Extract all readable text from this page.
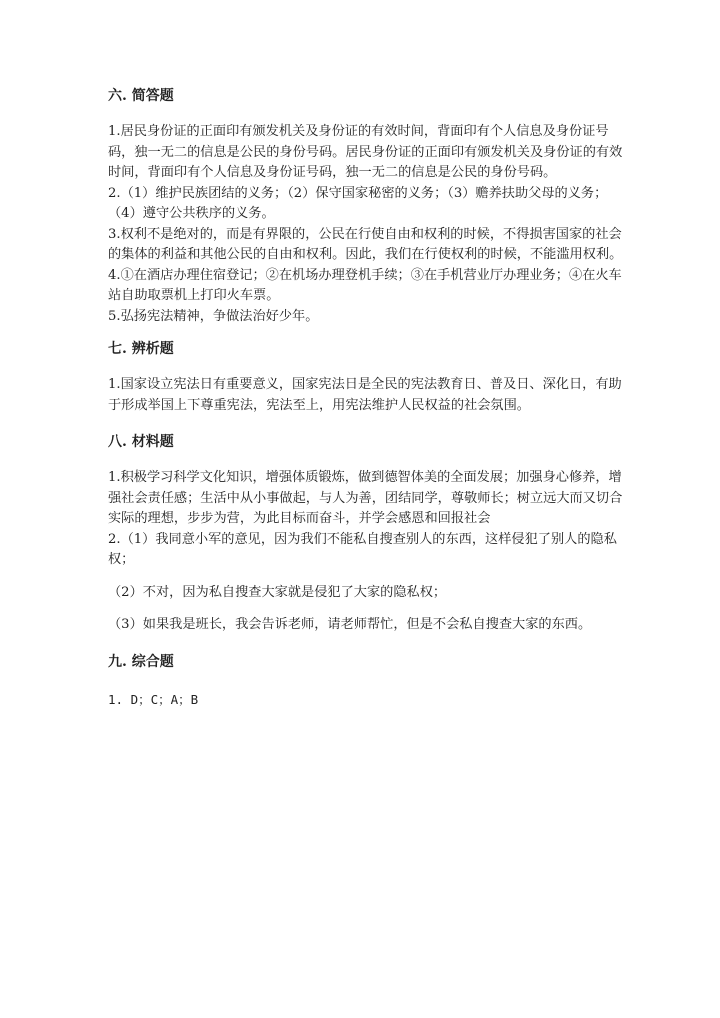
六. 简答题

1.居民身份证的正面印有颁发机关及身份证的有效时间，背面印有个人信息及身份证号码，独一无二的信息是公民的身份号码。居民身份证的正面印有颁发机关及身份证的有效时间，背面印有个人信息及身份证号码，独一无二的信息是公民的身份号码。

2.（1）维护民族团结的义务；（2）保守国家秘密的义务；（3）赡养扶助父母的义务；（4）遵守公共秩序的义务。

3.权利不是绝对的，而是有界限的，公民在行使自由和权利的时候，不得损害国家的社会的集体的利益和其他公民的自由和权利。因此，我们在行使权利的时候，不能滥用权利。

4.①在酒店办理住宿登记；②在机场办理登机手续；③在手机营业厅办理业务；④在火车站自助取票机上打印火车票。

5.弘扬宪法精神，争做法治好少年。

七. 辨析题

1.国家设立宪法日有重要意义，国家宪法日是全民的宪法教育日、普及日、深化日，有助于形成举国上下尊重宪法，宪法至上，用宪法维护人民权益的社会氛围。

八. 材料题

1.积极学习科学文化知识，增强体质锻炼，做到德智体美的全面发展；加强身心修养，增强社会责任感；生活中从小事做起，与人为善，团结同学，尊敬师长；树立远大而又切合实际的理想，步步为营，为此目标而奋斗，并学会感恩和回报社会

2.（1）我同意小军的意见，因为我们不能私自搜查别人的东西，这样侵犯了别人的隐私权；

（2）不对，因为私自搜查大家就是侵犯了大家的隐私权；

（3）如果我是班长，我会告诉老师，请老师帮忙，但是不会私自搜查大家的东西。

九. 综合题

1. D；C；A；B
